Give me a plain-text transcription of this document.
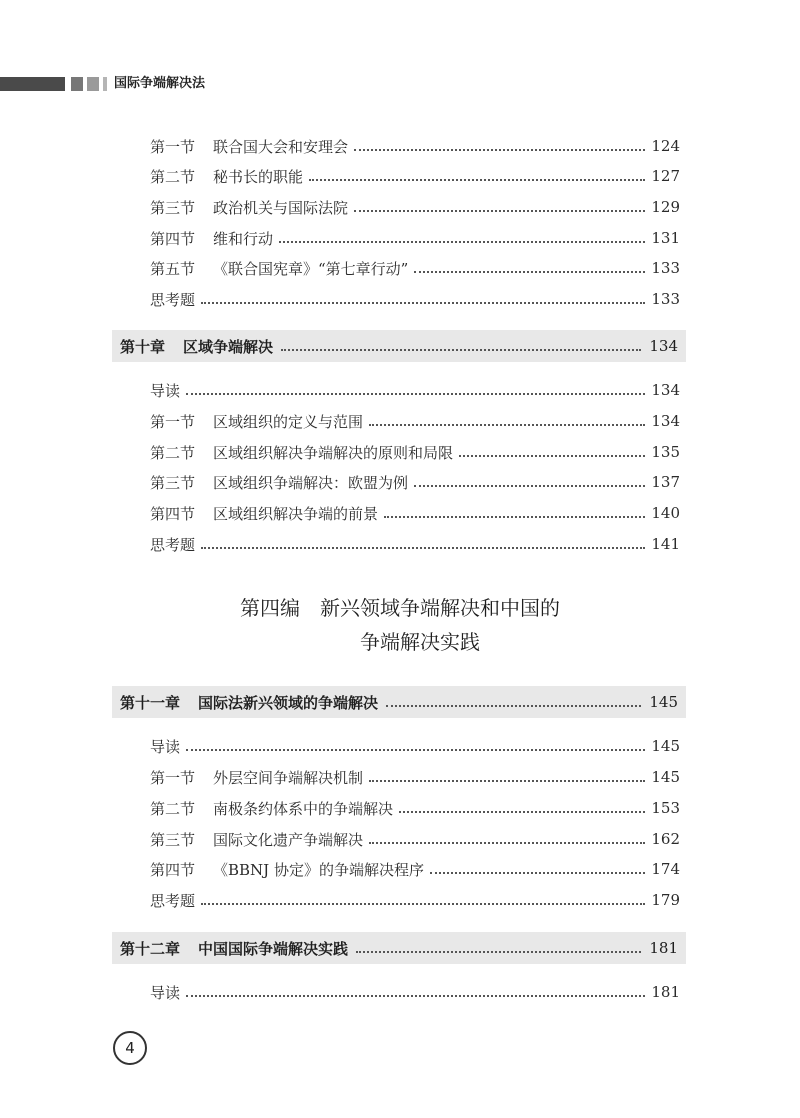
国际争端解决法
第一节 联合国大会和安理会	124
第二节 秘书长的职能	127
第三节 政治机关与国际法院	129
第四节 维和行动	131
第五节 《联合国宪章》“第七章行动”	133
思考题	133
第十章 区域争端解决	134
导读	134
第一节 区域组织的定义与范围	134
第二节 区域组织解决争端解决的原则和局限	135
第三节 区域组织争端解决：欧盟为例	137
第四节 区域组织解决争端的前景	140
思考题	141
第四编　新兴领域争端解决和中国的
争端解决实践
第十一章 国际法新兴领域的争端解决	145
导读	145
第一节 外层空间争端解决机制	145
第二节 南极条约体系中的争端解决	153
第三节 国际文化遗产争端解决	162
第四节 《BBNJ 协定》的争端解决程序	174
思考题	179
第十二章 中国国际争端解决实践	181
导读	181
4
